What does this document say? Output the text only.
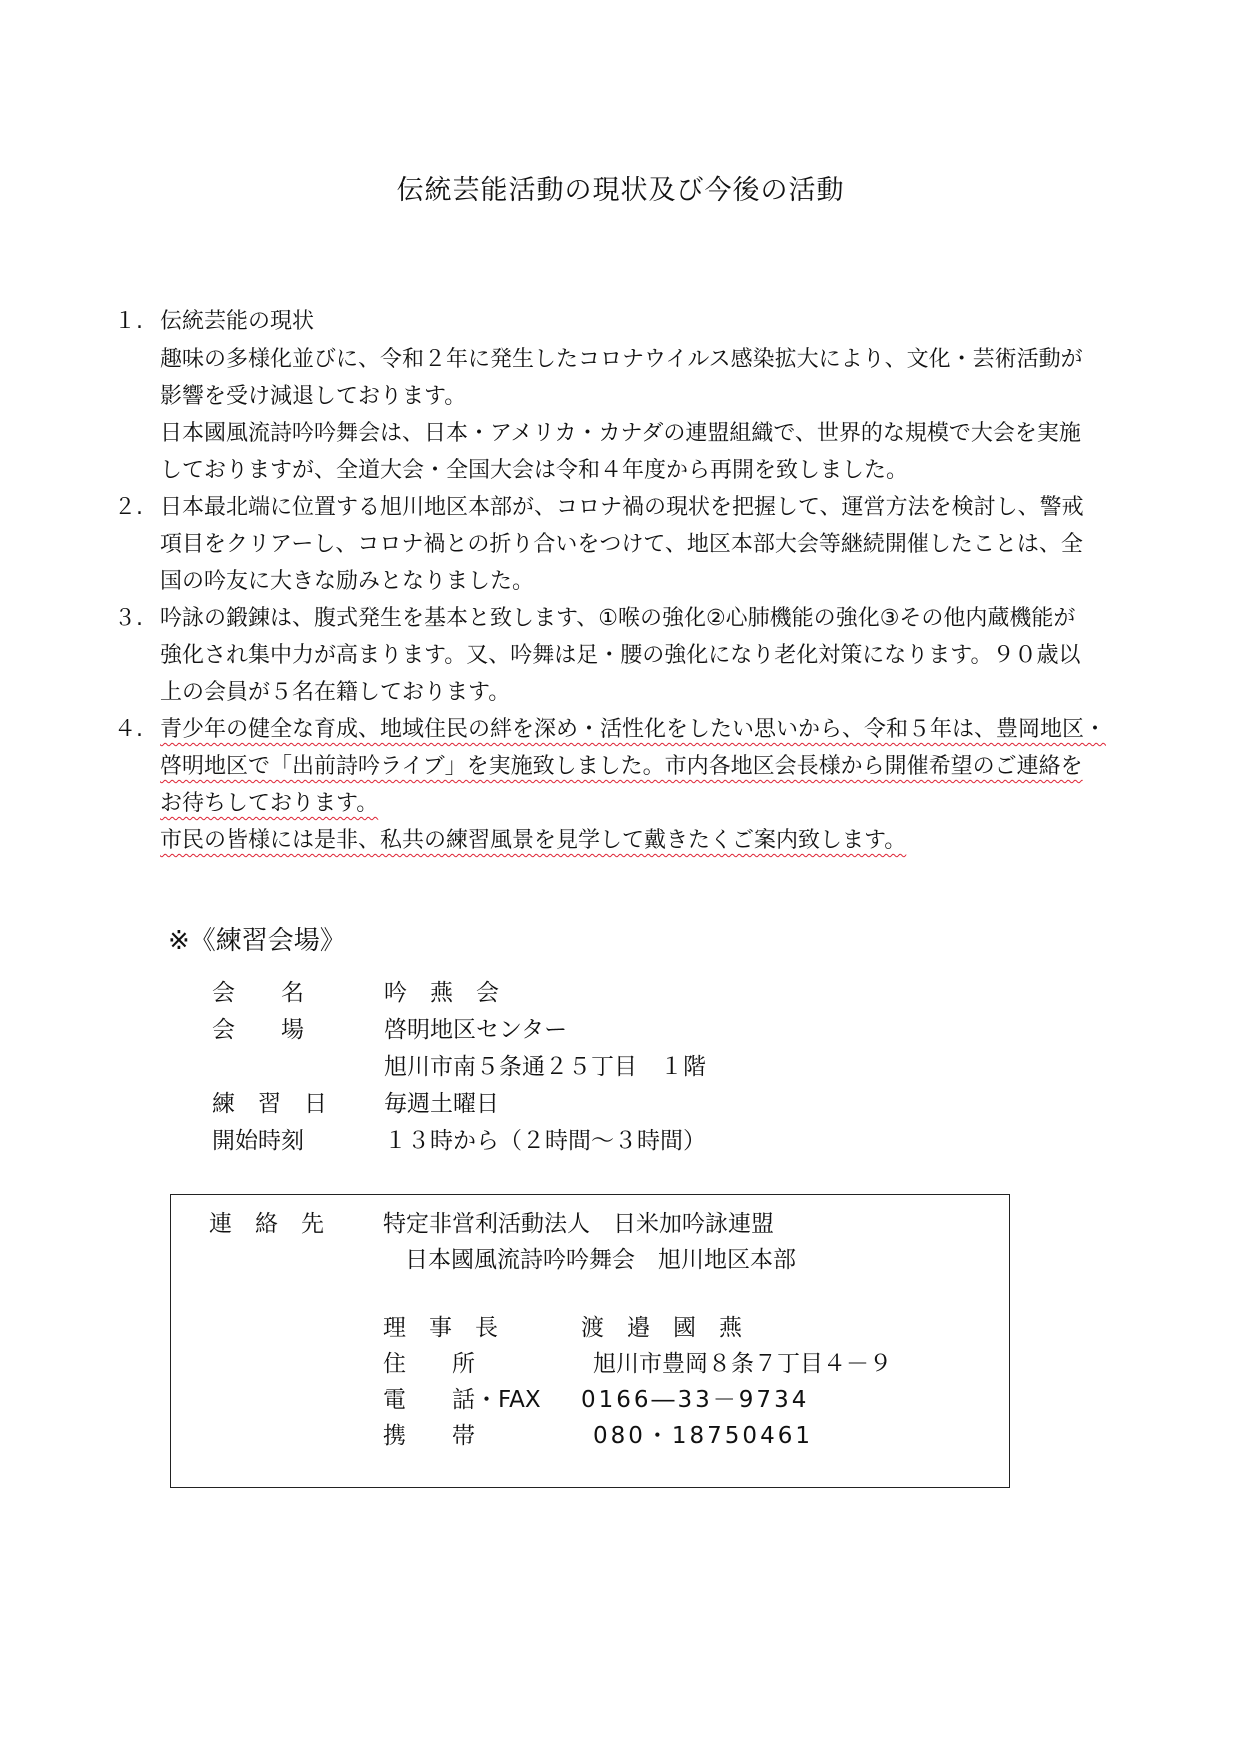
伝統芸能活動の現状及び今後の活動
１. 伝統芸能の現状
趣味の多様化並びに、令和２年に発生したコロナウイルス感染拡大により、文化・芸術活動が
影響を受け減退しております。
日本國風流詩吟吟舞会は、日本・アメリカ・カナダの連盟組織で、世界的な規模で大会を実施
しておりますが、全道大会・全国大会は令和４年度から再開を致しました。
２. 日本最北端に位置する旭川地区本部が、コロナ禍の現状を把握して、運営方法を検討し、警戒
項目をクリアーし、コロナ禍との折り合いをつけて、地区本部大会等継続開催したことは、全
国の吟友に大きな励みとなりました。
３. 吟詠の鍛錬は、腹式発生を基本と致します、①喉の強化②心肺機能の強化③その他内蔵機能が
強化され集中力が高まります。又、吟舞は足・腰の強化になり老化対策になります。９０歳以
上の会員が５名在籍しております。
４. 青少年の健全な育成、地域住民の絆を深め・活性化をしたい思いから、令和５年は、豊岡地区・
啓明地区で「出前詩吟ライブ」を実施致しました。市内各地区会長様から開催希望のご連絡を
お待ちしております。
市民の皆様には是非、私共の練習風景を見学して戴きたくご案内致します。
※《練習会場》
会　　名	吟　燕　会
会　　場	啓明地区センター
旭川市南５条通２５丁目　１階
練　習　日 毎週土曜日
開始時刻	１３時から（２時間～３時間）
連　絡　先	特定非営利活動法人　日米加吟詠連盟
日本國風流詩吟吟舞会　旭川地区本部
理　事　長	渡　邉　國　燕
住　　所	旭川市豊岡８条７丁目４－９
電　　話・FAX 0166―33－9734
携　　帯	080・18750461
